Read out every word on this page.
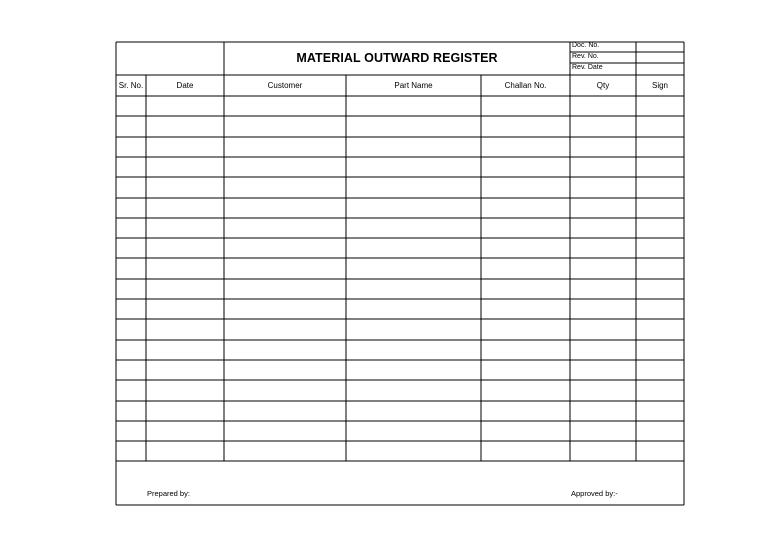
MATERIAL OUTWARD REGISTER
Doc. No.
Rev. No.
Rev. Date
Sr. No.	Date	Customer	Part Name	Challan No.	Qty	Sign
Prepared by:	Approved by:-
